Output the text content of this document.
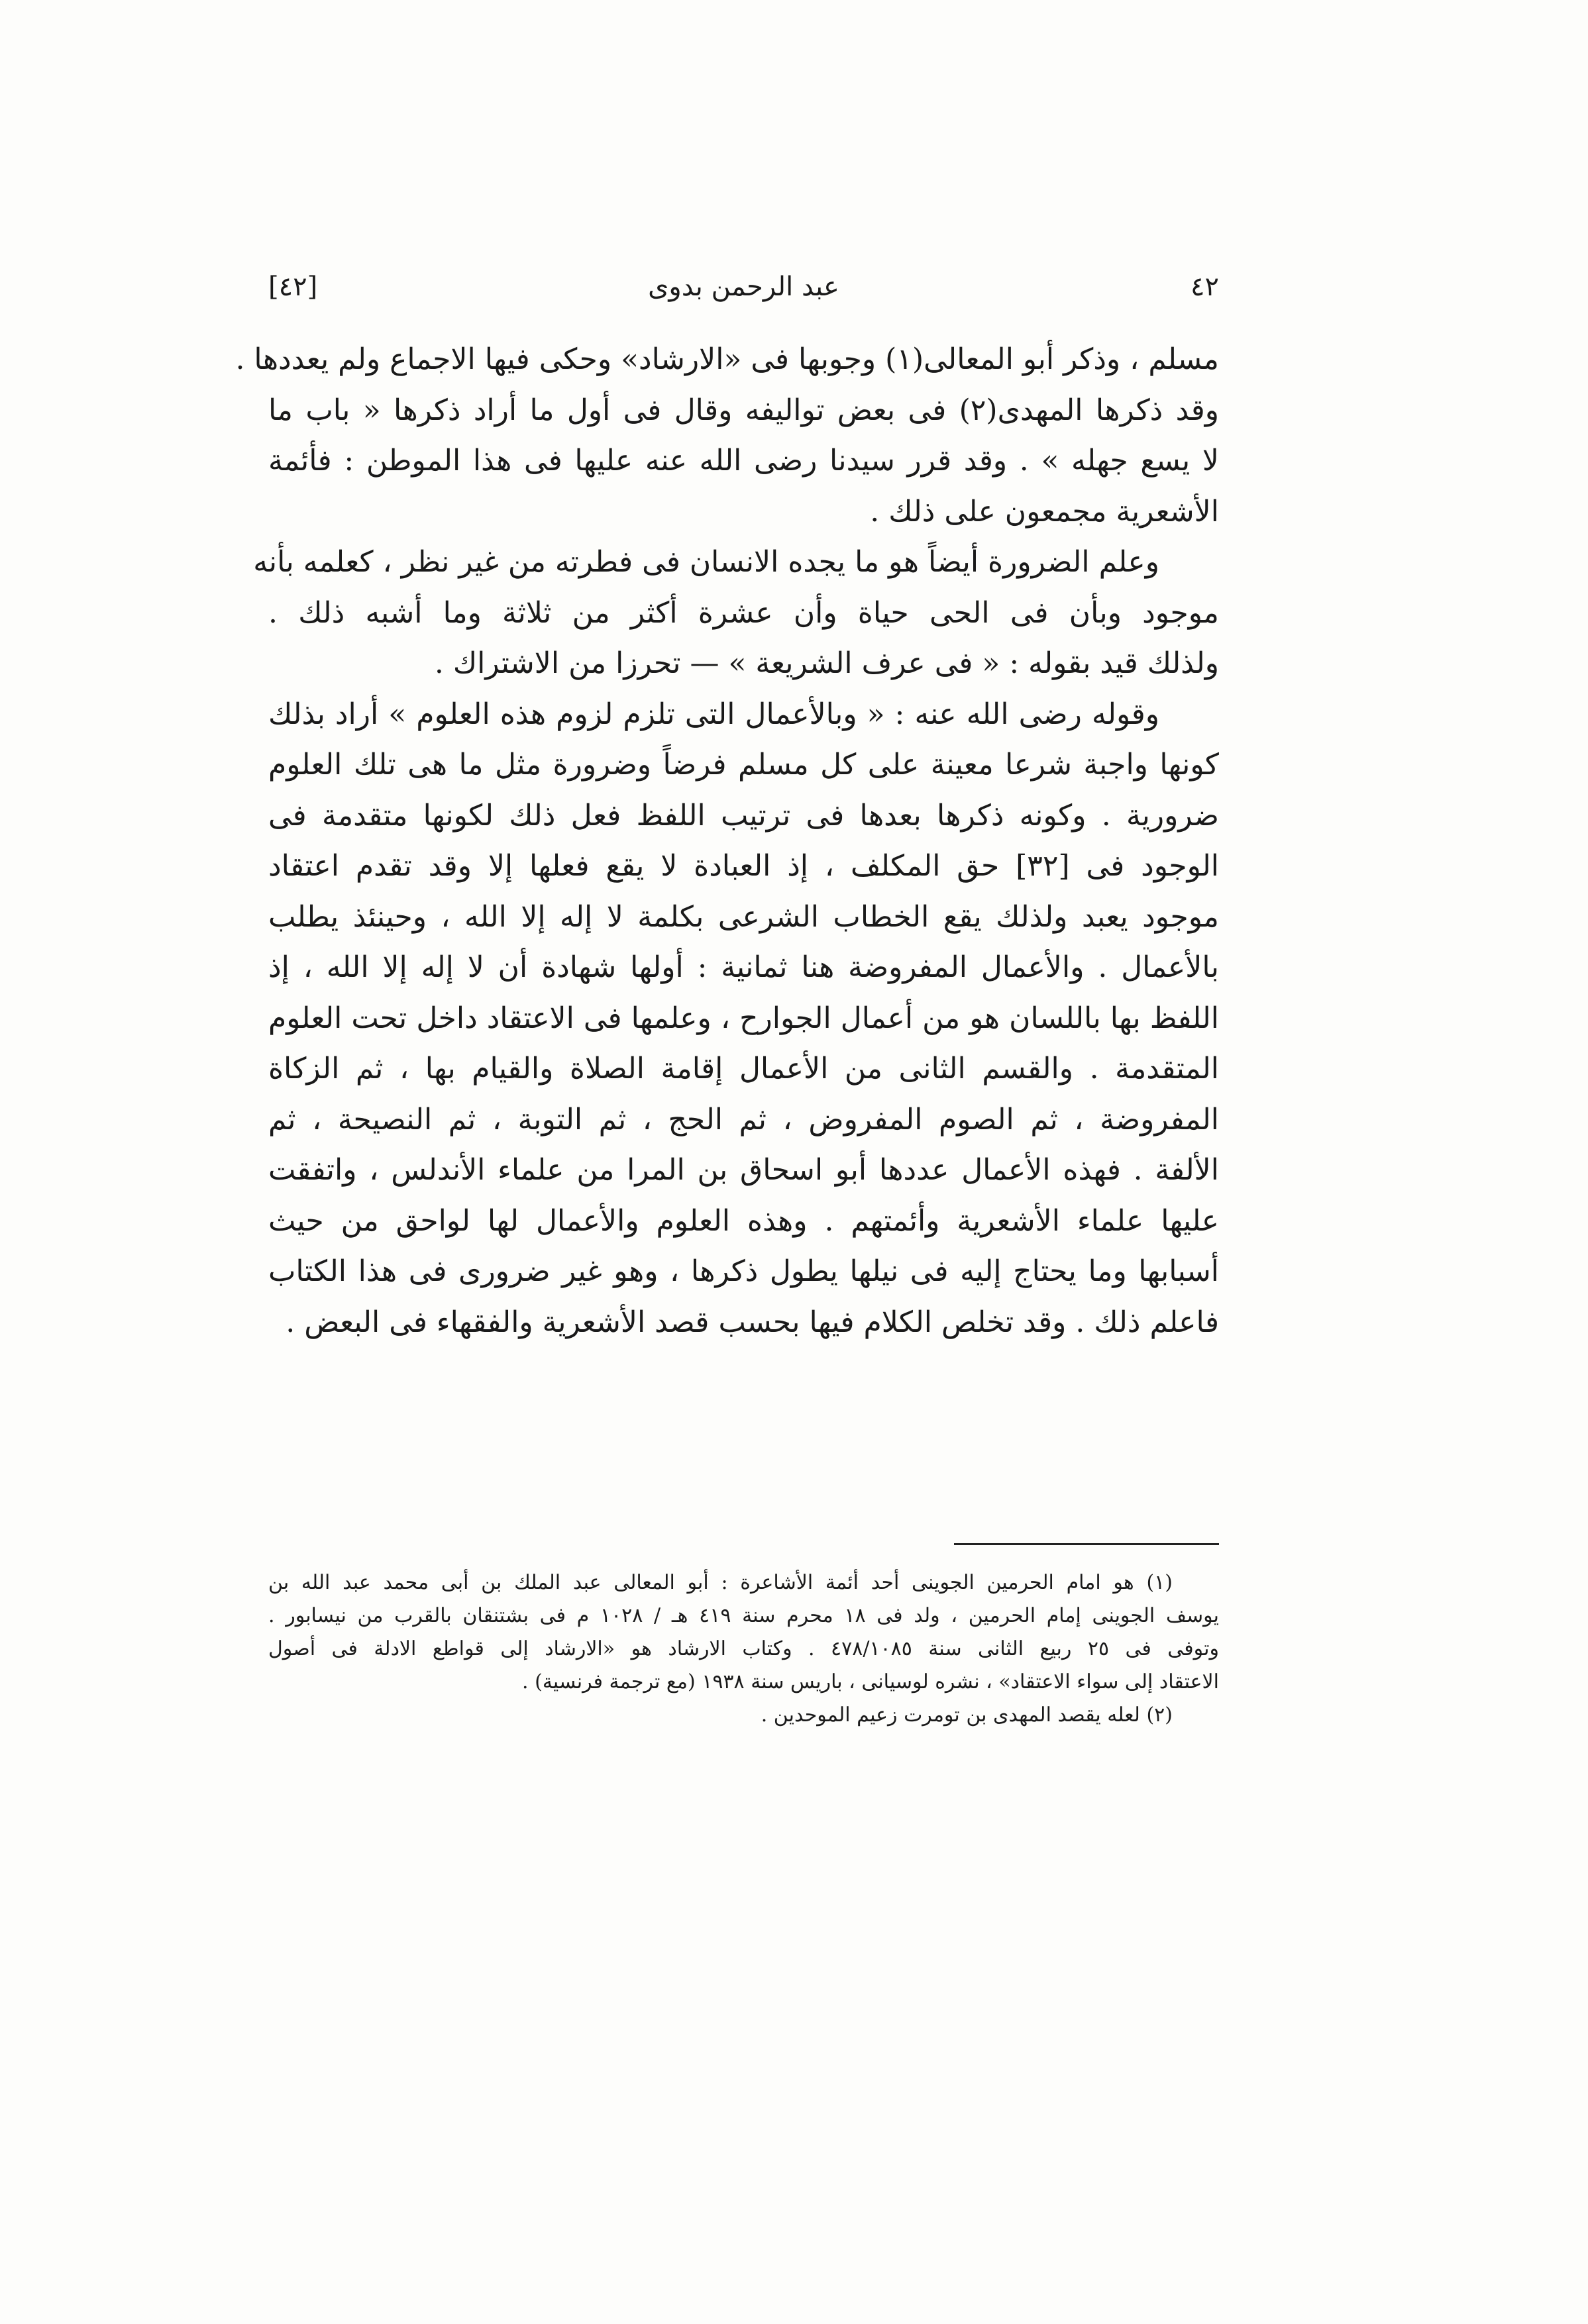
٤٢
عبد الرحمن بدوى
[٤٢]
مسلم ، وذكر أبو المعالى(١) وجوبها فى «الارشاد» وحكى فيها الاجماع ولم يعددها .
وقد ذكرها المهدى(٢) فى بعض تواليفه وقال فى أول ما أراد ذكرها « باب ما
لا يسع جهله » . وقد قرر سيدنا رضى الله عنه عليها فى هذا الموطن : فأئمة
الأشعرية مجمعون على ذلك .
وعلم الضرورة أيضاً هو ما يجده الانسان فى فطرته من غير نظر ، كعلمه بأنه
موجود وبأن فى الحى حياة وأن عشرة أكثر من ثلاثة وما أشبه ذلك .
ولذلك قيد بقوله : « فى عرف الشريعة » — تحرزا من الاشتراك .
وقوله رضى الله عنه : « وبالأعمال التى تلزم لزوم هذه العلوم » أراد بذلك
كونها واجبة شرعا معينة على كل مسلم فرضاً وضرورة مثل ما هى تلك العلوم
ضرورية . وكونه ذكرها بعدها فى ترتيب اللفظ فعل ذلك لكونها متقدمة فى
الوجود فى [٣٢] حق المكلف ، إذ العبادة لا يقع فعلها إلا وقد تقدم اعتقاد
موجود يعبد ولذلك يقع الخطاب الشرعى بكلمة لا إله إلا الله ، وحينئذ يطلب
بالأعمال . والأعمال المفروضة هنا ثمانية : أولها شهادة أن لا إله إلا الله ، إذ
اللفظ بها باللسان هو من أعمال الجوارح ، وعلمها فى الاعتقاد داخل تحت العلوم
المتقدمة . والقسم الثانى من الأعمال إقامة الصلاة والقيام بها ، ثم الزكاة
المفروضة ، ثم الصوم المفروض ، ثم الحج ، ثم التوبة ، ثم النصيحة ، ثم
الألفة . فهذه الأعمال عددها أبو اسحاق بن المرا من علماء الأندلس ، واتفقت
عليها علماء الأشعرية وأئمتهم . وهذه العلوم والأعمال لها لواحق من حيث
أسبابها وما يحتاج إليه فى نيلها يطول ذكرها ، وهو غير ضرورى فى هذا الكتاب
فاعلم ذلك . وقد تخلص الكلام فيها بحسب قصد الأشعرية والفقهاء فى البعض .
(١) هو امام الحرمين الجوينى أحد أئمة الأشاعرة : أبو المعالى عبد الملك بن أبى محمد عبد الله بن
يوسف الجوينى إمام الحرمين ، ولد فى ١٨ محرم سنة ٤١٩ هـ / ١٠٢٨ م فى بشتنقان بالقرب من نيسابور .
وتوفى فى ٢٥ ربيع الثانى سنة ٤٧٨/١٠٨٥ . وكتاب الارشاد هو «الارشاد إلى قواطع الادلة فى أصول
الاعتقاد إلى سواء الاعتقاد» ، نشره لوسيانى ، باريس سنة ١٩٣٨ (مع ترجمة فرنسية) .
(٢) لعله يقصد المهدى بن تومرت زعيم الموحدين .
